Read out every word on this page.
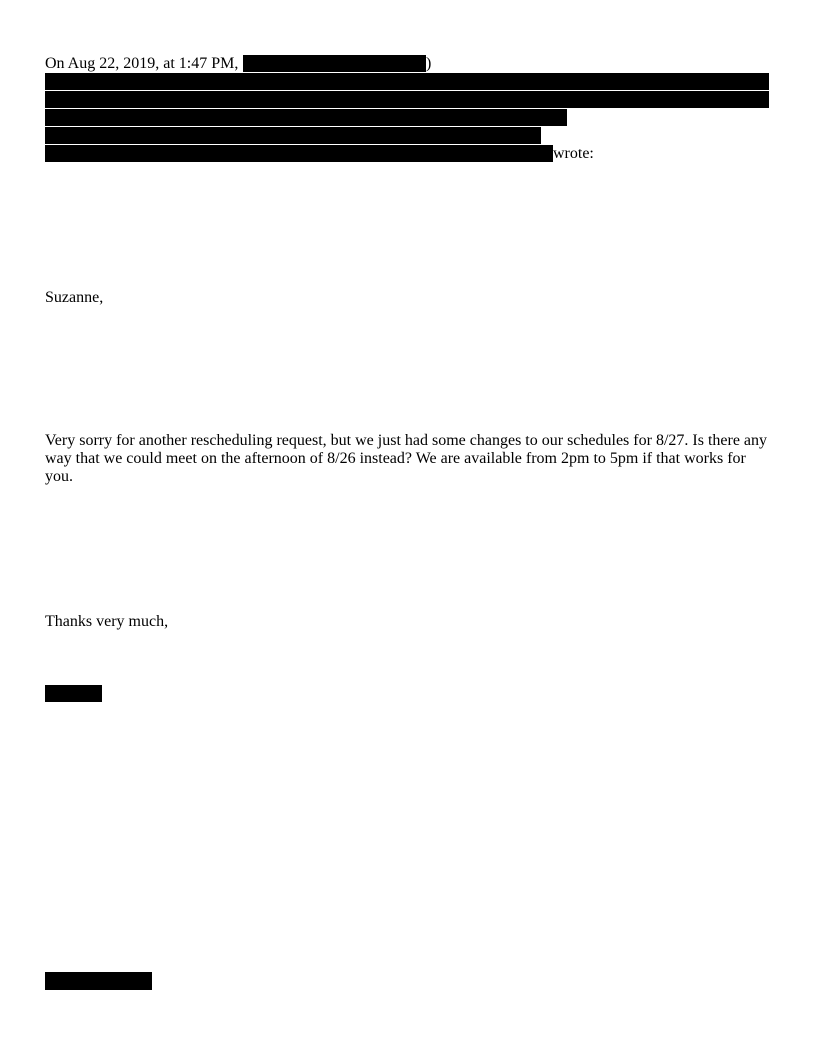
On Aug 22, 2019, at 1:47 PM,	)
wrote:
Suzanne,
Very sorry for another rescheduling request, but we just had some changes to our schedules for 8/27. Is there any way that we could meet on the afternoon of 8/26 instead? We are available from 2pm to 5pm if that works for you.
Thanks very much,
